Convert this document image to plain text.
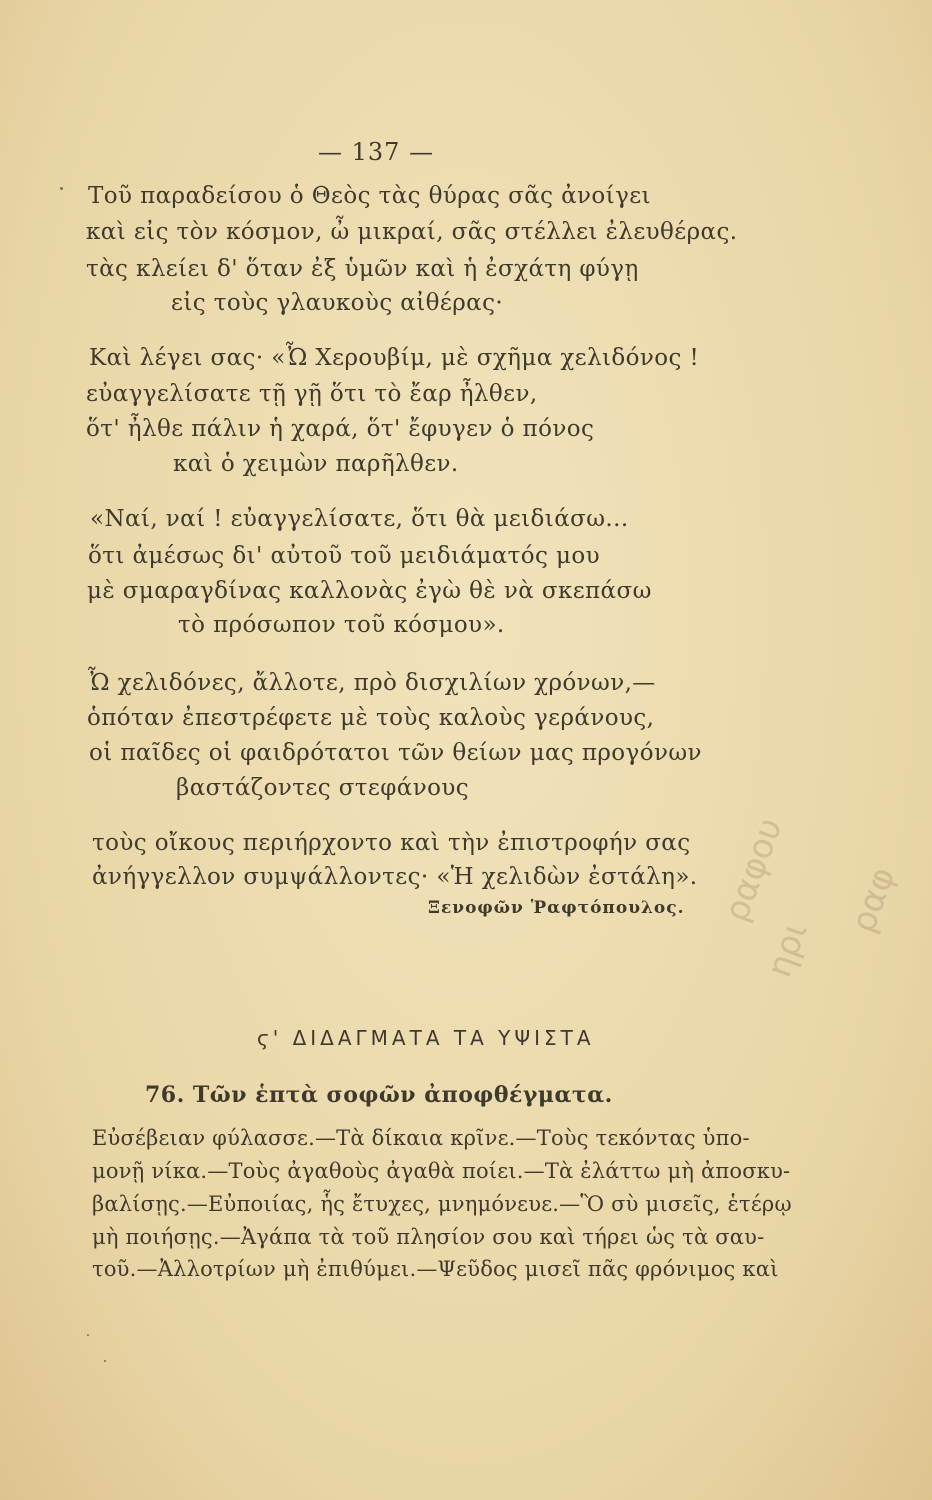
— 137 —
Τοῦ παραδείσου ὁ Θεὸς τὰς θύρας σᾶς ἀνοίγει
καὶ εἰς τὸν κόσμον, ὦ μικραί, σᾶς στέλλει ἐλευθέρας.
τὰς κλείει δ' ὅταν ἐξ ὑμῶν καὶ ἡ ἐσχάτη φύγῃ
εἰς τοὺς γλαυκοὺς αἰθέρας·
Καὶ λέγει σας· «Ὦ Χερουβίμ, μὲ σχῆμα χελιδόνος !
εὐαγγελίσατε τῇ γῇ ὅτι τὸ ἔαρ ἦλθεν,
ὅτ' ἦλθε πάλιν ἡ χαρά, ὅτ' ἔφυγεν ὁ πόνος
καὶ ὁ χειμὼν παρῆλθεν.
«Ναί, ναί ! εὐαγγελίσατε, ὅτι θὰ μειδιάσω...
ὅτι ἀμέσως δι' αὐτοῦ τοῦ μειδιάματός μου
μὲ σμαραγδίνας καλλονὰς ἐγὼ θὲ νὰ σκεπάσω
τὸ πρόσωπον τοῦ κόσμου».
Ὦ χελιδόνες, ἄλλοτε, πρὸ δισχιλίων χρόνων,—
ὁπόταν ἐπεστρέφετε μὲ τοὺς καλοὺς γεράνους,
οἱ παῖδες οἱ φαιδρότατοι τῶν θείων μας προγόνων
βαστάζοντες στεφάνους
τοὺς οἴκους περιήρχοντο καὶ τὴν ἐπιστροφήν σας
ἀνήγγελλον συμψάλλοντες· «Ἡ χελιδὼν ἐστάλη».
Ξενοφῶν Ῥαφτόπουλος.
ϛ' ΔΙΔΑΓΜΑΤΑ ΤΑ ΥΨΙΣΤΑ
76. Τῶν ἑπτὰ σοφῶν ἀποφθέγματα.
Εὐσέβειαν φύλασσε.—Τὰ δίκαια κρῖνε.—Τοὺς τεκόντας ὑπο-
μονῇ νίκα.—Τοὺς ἀγαθοὺς ἀγαθὰ ποίει.—Τὰ ἐλάττω μὴ ἀποσκυ-
βαλίσῃς.—Εὐποιίας, ἧς ἔτυχες, μνημόνευε.—Ὃ σὺ μισεῖς, ἑτέρῳ
μὴ ποιήσῃς.—Ἀγάπα τὰ τοῦ πλησίον σου καὶ τήρει ὡς τὰ σαυ-
τοῦ.—Ἀλλοτρίων μὴ ἐπιθύμει.—Ψεῦδος μισεῖ πᾶς φρόνιμος καὶ
ραφου
ηρι
ραφ
